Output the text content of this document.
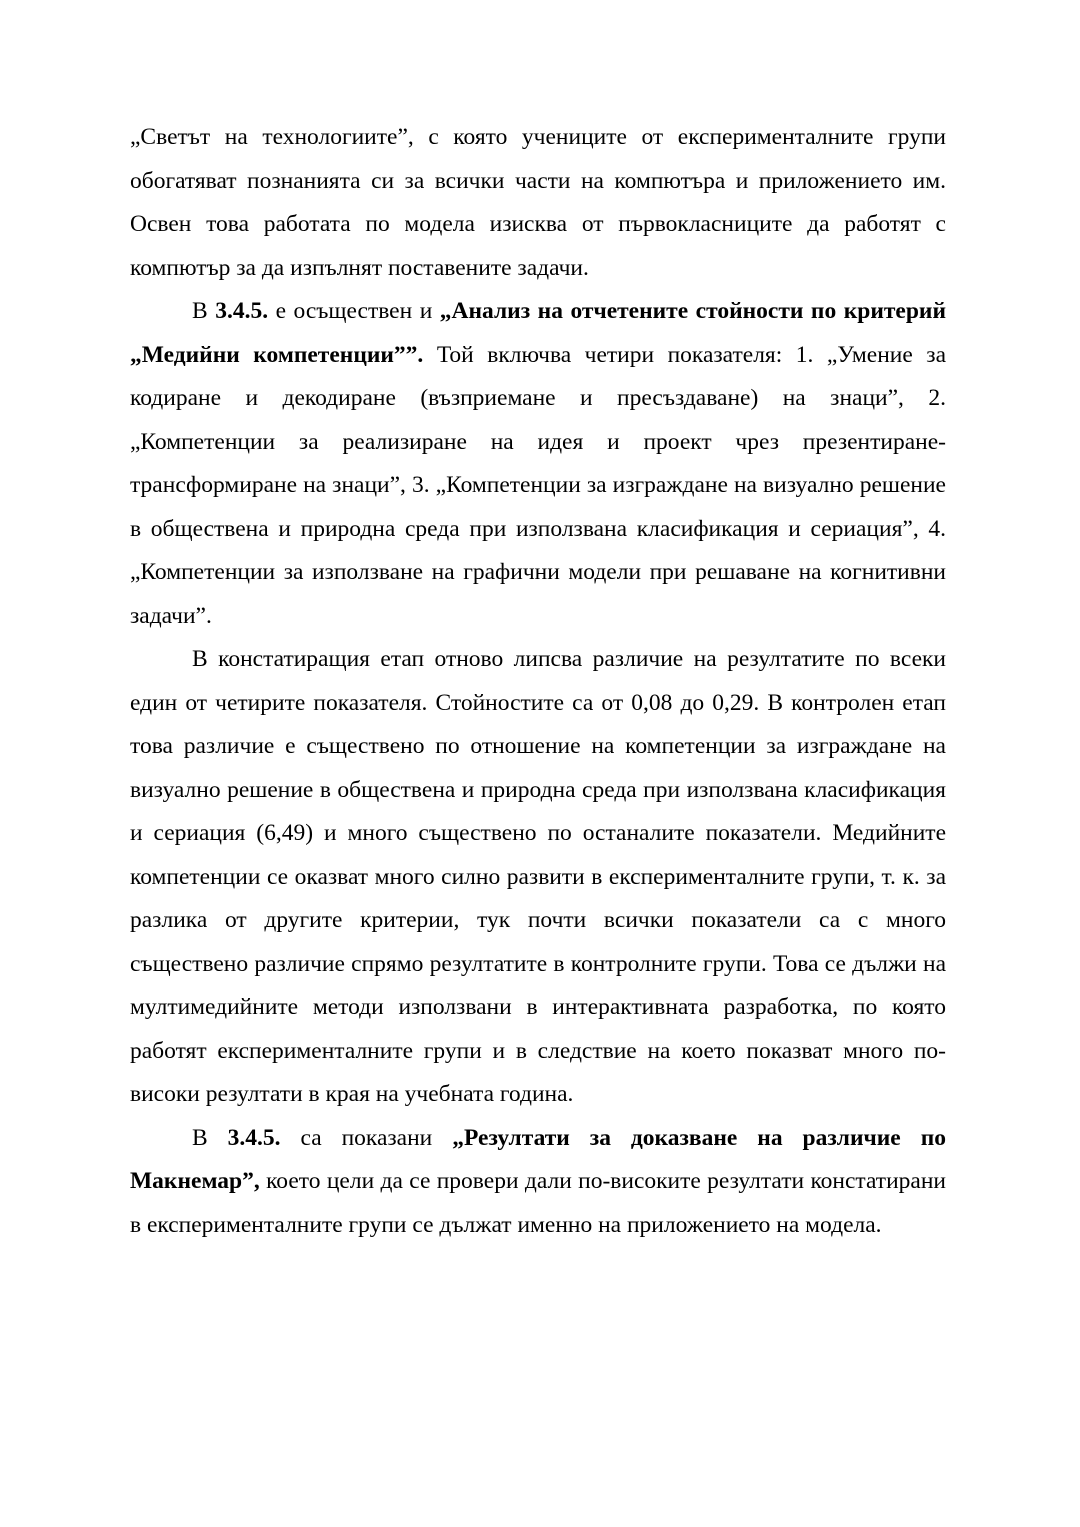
„Светът на технологиите”, с която учениците от експерименталните групи обогатяват познанията си за всички части на компютъра и приложението им. Освен това работата по модела изисква от първокласниците да работят с компютър за да изпълнят поставените задачи.

В 3.4.5. е осъществен и „Анализ на отчетените стойности по критерий „Медийни компетенции””. Той включва четири показателя: 1. „Умение за кодиране и декодиране (възприемане и пресъздаване) на знаци”, 2. „Компетенции за реализиране на идея и проект чрез презентиране-трансформиране на знаци”, 3. „Компетенции за изграждане на визуално решение в обществена и природна среда при използвана класификация и сериация”, 4. „Компетенции за използване на графични модели при решаване на когнитивни задачи”.

В констатиращия етап отново липсва различие на резултатите по всеки един от четирите показателя. Стойностите са от 0,08 до 0,29. В контролен етап това различие е съществено по отношение на компетенции за изграждане на визуално решение в обществена и природна среда при използвана класификация и сериация (6,49) и много съществено по останалите показатели. Медийните компетенции се оказват много силно развити в експерименталните групи, т. к. за разлика от другите критерии, тук почти всички показатели са с много съществено различие спрямо резултатите в контролните групи. Това се дължи на мултимедийните методи използвани в интерактивната разработка, по която работят експерименталните групи и в следствие на което показват много по-високи резултати в края на учебната година.

В 3.4.5. са показани „Резултати за доказване на различие по Макнемар”, което цели да се провери дали по-високите резултати констатирани в експерименталните групи се дължат именно на приложението на модела.
